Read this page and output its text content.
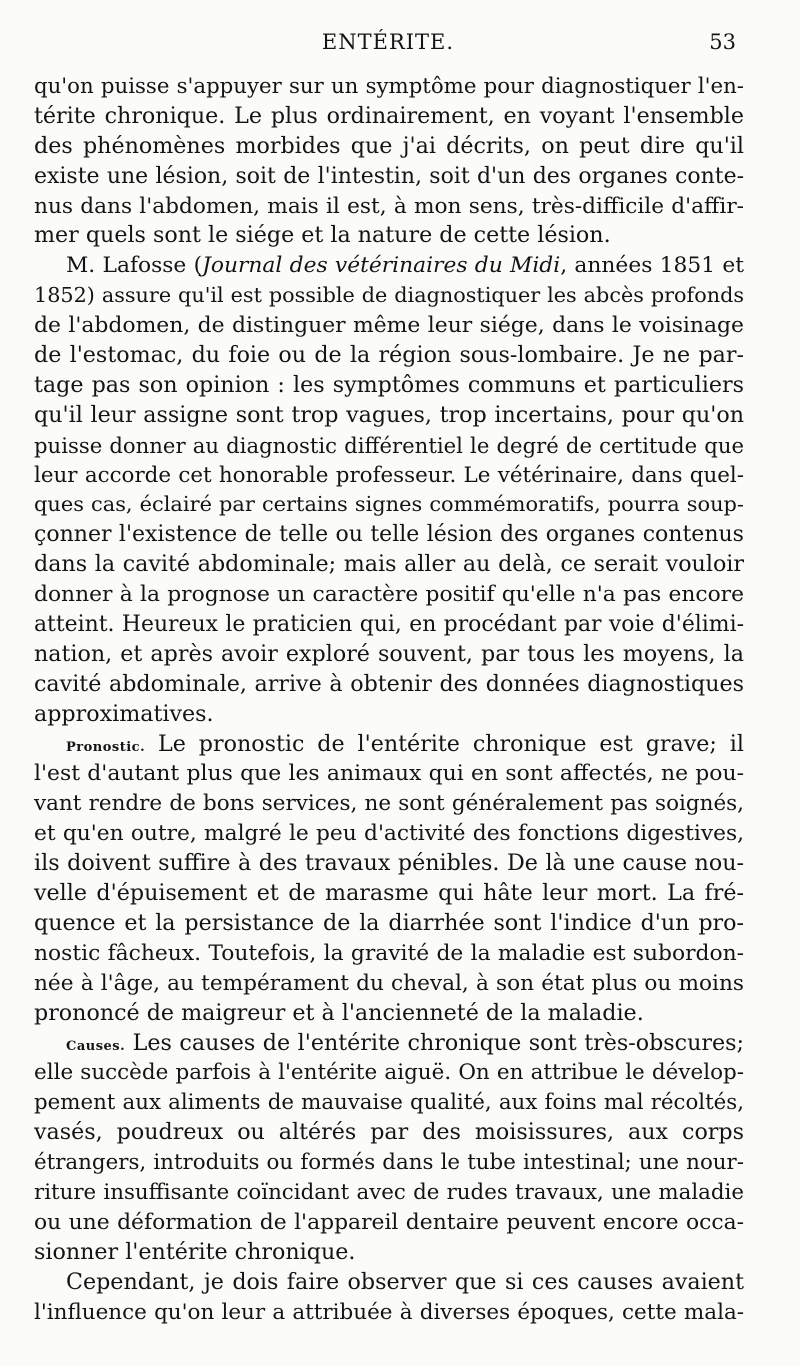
ENTÉRITE.	53
qu'on puisse s'appuyer sur un symptôme pour diagnostiquer l'en-
térite chronique. Le plus ordinairement, en voyant l'ensemble
des phénomènes morbides que j'ai décrits, on peut dire qu'il
existe une lésion, soit de l'intestin, soit d'un des organes conte-
nus dans l'abdomen, mais il est, à mon sens, très-difficile d'affir-
mer quels sont le siége et la nature de cette lésion.
M. Lafosse (Journal des vétérinaires du Midi, années 1851 et
1852) assure qu'il est possible de diagnostiquer les abcès profonds
de l'abdomen, de distinguer même leur siége, dans le voisinage
de l'estomac, du foie ou de la région sous-lombaire. Je ne par-
tage pas son opinion : les symptômes communs et particuliers
qu'il leur assigne sont trop vagues, trop incertains, pour qu'on
puisse donner au diagnostic différentiel le degré de certitude que
leur accorde cet honorable professeur. Le vétérinaire, dans quel-
ques cas, éclairé par certains signes commémoratifs, pourra soup-
çonner l'existence de telle ou telle lésion des organes contenus
dans la cavité abdominale; mais aller au delà, ce serait vouloir
donner à la prognose un caractère positif qu'elle n'a pas encore
atteint. Heureux le praticien qui, en procédant par voie d'élimi-
nation, et après avoir exploré souvent, par tous les moyens, la
cavité abdominale, arrive à obtenir des données diagnostiques
approximatives.
Pronostic. Le pronostic de l'entérite chronique est grave; il
l'est d'autant plus que les animaux qui en sont affectés, ne pou-
vant rendre de bons services, ne sont généralement pas soignés,
et qu'en outre, malgré le peu d'activité des fonctions digestives,
ils doivent suffire à des travaux pénibles. De là une cause nou-
velle d'épuisement et de marasme qui hâte leur mort. La fré-
quence et la persistance de la diarrhée sont l'indice d'un pro-
nostic fâcheux. Toutefois, la gravité de la maladie est subordon-
née à l'âge, au tempérament du cheval, à son état plus ou moins
prononcé de maigreur et à l'ancienneté de la maladie.
Causes. Les causes de l'entérite chronique sont très-obscures;
elle succède parfois à l'entérite aiguë. On en attribue le dévelop-
pement aux aliments de mauvaise qualité, aux foins mal récoltés,
vasés, poudreux ou altérés par des moisissures, aux corps
étrangers, introduits ou formés dans le tube intestinal; une nour-
riture insuffisante coïncidant avec de rudes travaux, une maladie
ou une déformation de l'appareil dentaire peuvent encore occa-
sionner l'entérite chronique.
Cependant, je dois faire observer que si ces causes avaient
l'influence qu'on leur a attribuée à diverses époques, cette mala-
